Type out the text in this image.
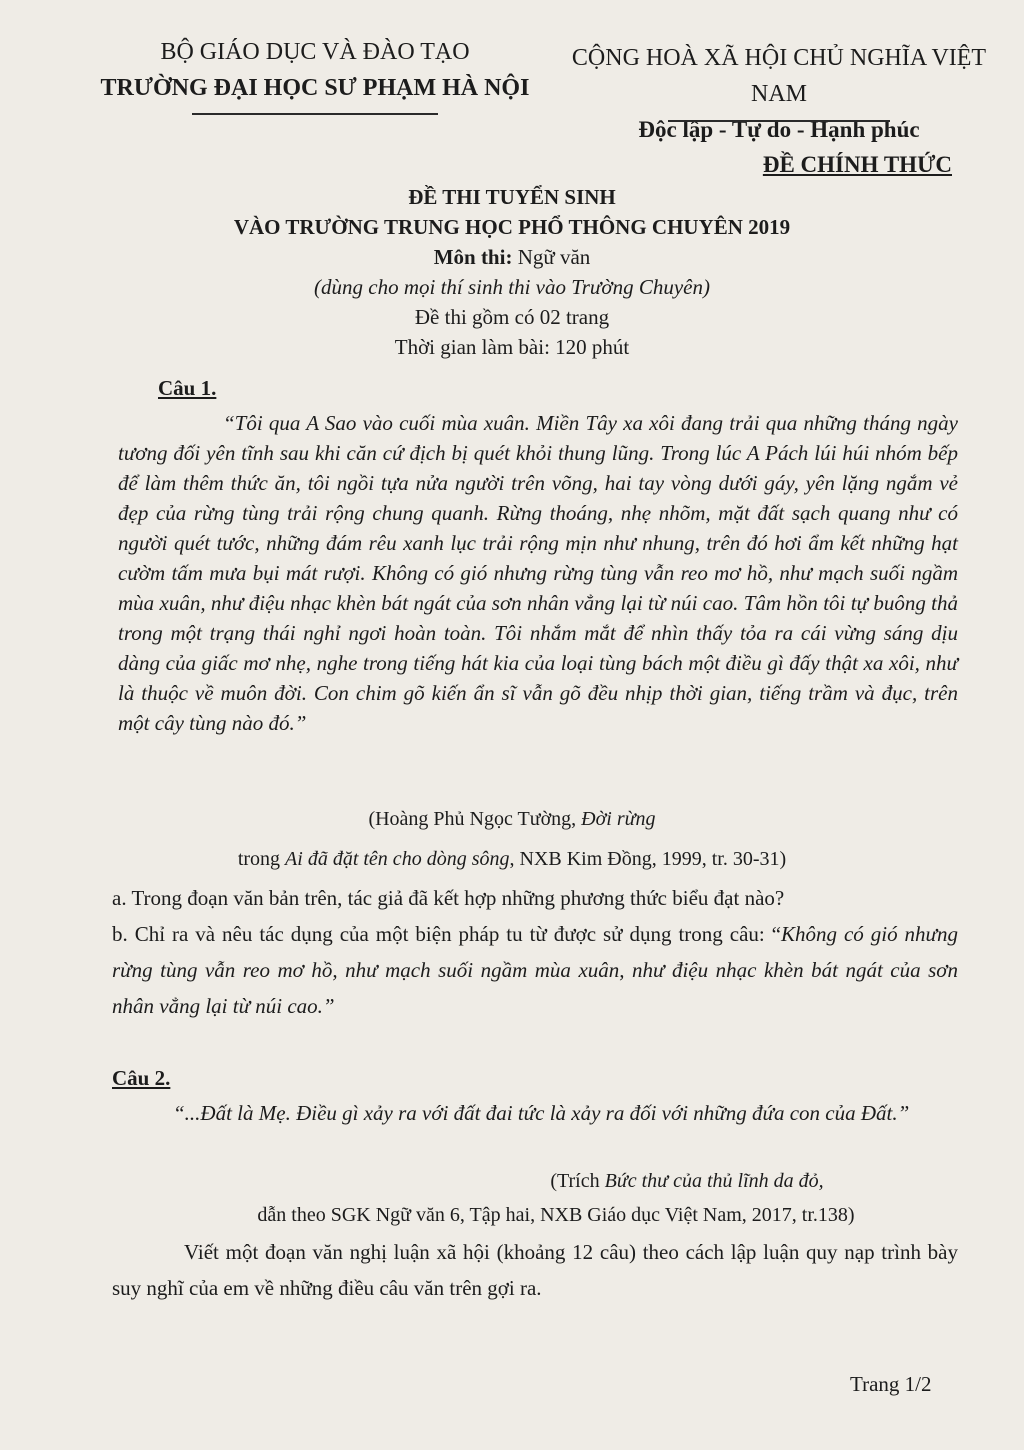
BỘ GIÁO DỤC VÀ ĐÀO TẠO
TRƯỜNG ĐẠI HỌC SƯ PHẠM HÀ NỘI
CỘNG HOÀ XÃ HỘI CHỦ NGHĨA VIỆT NAM
Độc lập - Tự do - Hạnh phúc
ĐỀ CHÍNH THỨC
ĐỀ THI TUYỂN SINH
VÀO TRƯỜNG TRUNG HỌC PHỔ THÔNG CHUYÊN 2019
Môn thi: Ngữ văn
(dùng cho mọi thí sinh thi vào Trường Chuyên)
Đề thi gồm có 02 trang
Thời gian làm bài: 120 phút
Câu 1.

“Tôi qua A Sao vào cuối mùa xuân. Miền Tây xa xôi đang trải qua những tháng ngày tương đối yên tĩnh sau khi căn cứ địch bị quét khỏi thung lũng. Trong lúc A Pách lúi húi nhóm bếp để làm thêm thức ăn, tôi ngồi tựa nửa người trên võng, hai tay vòng dưới gáy, yên lặng ngắm vẻ đẹp của rừng tùng trải rộng chung quanh. Rừng thoáng, nhẹ nhõm, mặt đất sạch quang như có người quét tước, những đám rêu xanh lục trải rộng mịn như nhung, trên đó hơi ẩm kết những hạt cườm tấm mưa bụi mát rượi. Không có gió nhưng rừng tùng vẫn reo mơ hồ, như mạch suối ngầm mùa xuân, như điệu nhạc khèn bát ngát của sơn nhân vẳng lại từ núi cao. Tâm hồn tôi tự buông thả trong một trạng thái nghỉ ngơi hoàn toàn. Tôi nhắm mắt để nhìn thấy tỏa ra cái vừng sáng dịu dàng của giấc mơ nhẹ, nghe trong tiếng hát kia của loại tùng bách một điều gì đấy thật xa xôi, như là thuộc về muôn đời. Con chim gõ kiến ẩn sĩ vẫn gõ đều nhịp thời gian, tiếng trầm và đục, trên một cây tùng nào đó.”

(Hoàng Phủ Ngọc Tường, Đời rừng
trong Ai đã đặt tên cho dòng sông, NXB Kim Đồng, 1999, tr. 30-31)

a. Trong đoạn văn bản trên, tác giả đã kết hợp những phương thức biểu đạt nào?

b. Chỉ ra và nêu tác dụng của một biện pháp tu từ được sử dụng trong câu: “Không có gió nhưng rừng tùng vẫn reo mơ hồ, như mạch suối ngầm mùa xuân, như điệu nhạc khèn bát ngát của sơn nhân vẳng lại từ núi cao.”

Câu 2.

“...Đất là Mẹ. Điều gì xảy ra với đất đai tức là xảy ra đối với những đứa con của Đất.”

(Trích Bức thư của thủ lĩnh da đỏ,
dẫn theo SGK Ngữ văn 6, Tập hai, NXB Giáo dục Việt Nam, 2017, tr.138)

Viết một đoạn văn nghị luận xã hội (khoảng 12 câu) theo cách lập luận quy nạp trình bày suy nghĩ của em về những điều câu văn trên gợi ra.

Trang 1/2
